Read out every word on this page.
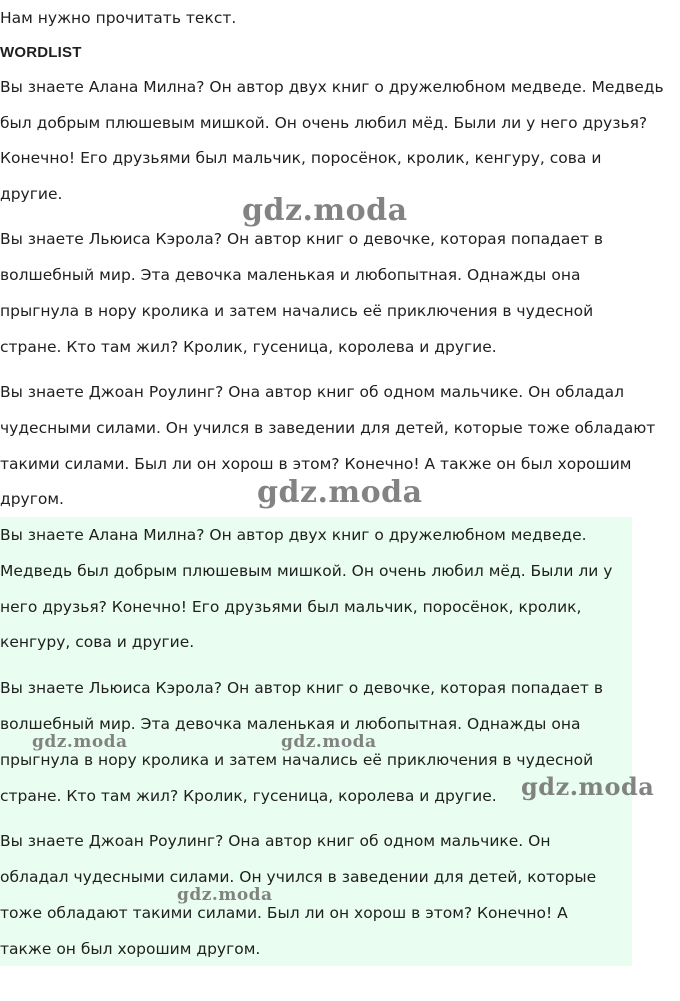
Нам нужно прочитать текст.
WORDLIST
Вы знаете Алана Милна? Он автор двух книг о дружелюбном медведе. Медведь
был добрым плюшевым мишкой. Он очень любил мёд. Были ли у него друзья?
Конечно! Его друзьями был мальчик, поросёнок, кролик, кенгуру, сова и
другие.
Вы знаете Льюиса Кэрола? Он автор книг о девочке, которая попадает в
волшебный мир. Эта девочка маленькая и любопытная. Однажды она
прыгнула в нору кролика и затем начались её приключения в чудесной
стране. Кто там жил? Кролик, гусеница, королева и другие.
Вы знаете Джоан Роулинг? Она автор книг об одном мальчике. Он обладал
чудесными силами. Он учился в заведении для детей, которые тоже обладают
такими силами. Был ли он хорош в этом? Конечно! А также он был хорошим
другом.
Вы знаете Алана Милна? Он автор двух книг о дружелюбном медведе.
Медведь был добрым плюшевым мишкой. Он очень любил мёд. Были ли у
него друзья? Конечно! Его друзьями был мальчик, поросёнок, кролик,
кенгуру, сова и другие.
Вы знаете Льюиса Кэрола? Он автор книг о девочке, которая попадает в
волшебный мир. Эта девочка маленькая и любопытная. Однажды она
прыгнула в нору кролика и затем начались её приключения в чудесной
стране. Кто там жил? Кролик, гусеница, королева и другие.
Вы знаете Джоан Роулинг? Она автор книг об одном мальчике. Он
обладал чудесными силами. Он учился в заведении для детей, которые
тоже обладают такими силами. Был ли он хорош в этом? Конечно! А
также он был хорошим другом.
gdz.moda
gdz.moda
gdz.moda	gdz.moda
gdz.moda
gdz.moda
